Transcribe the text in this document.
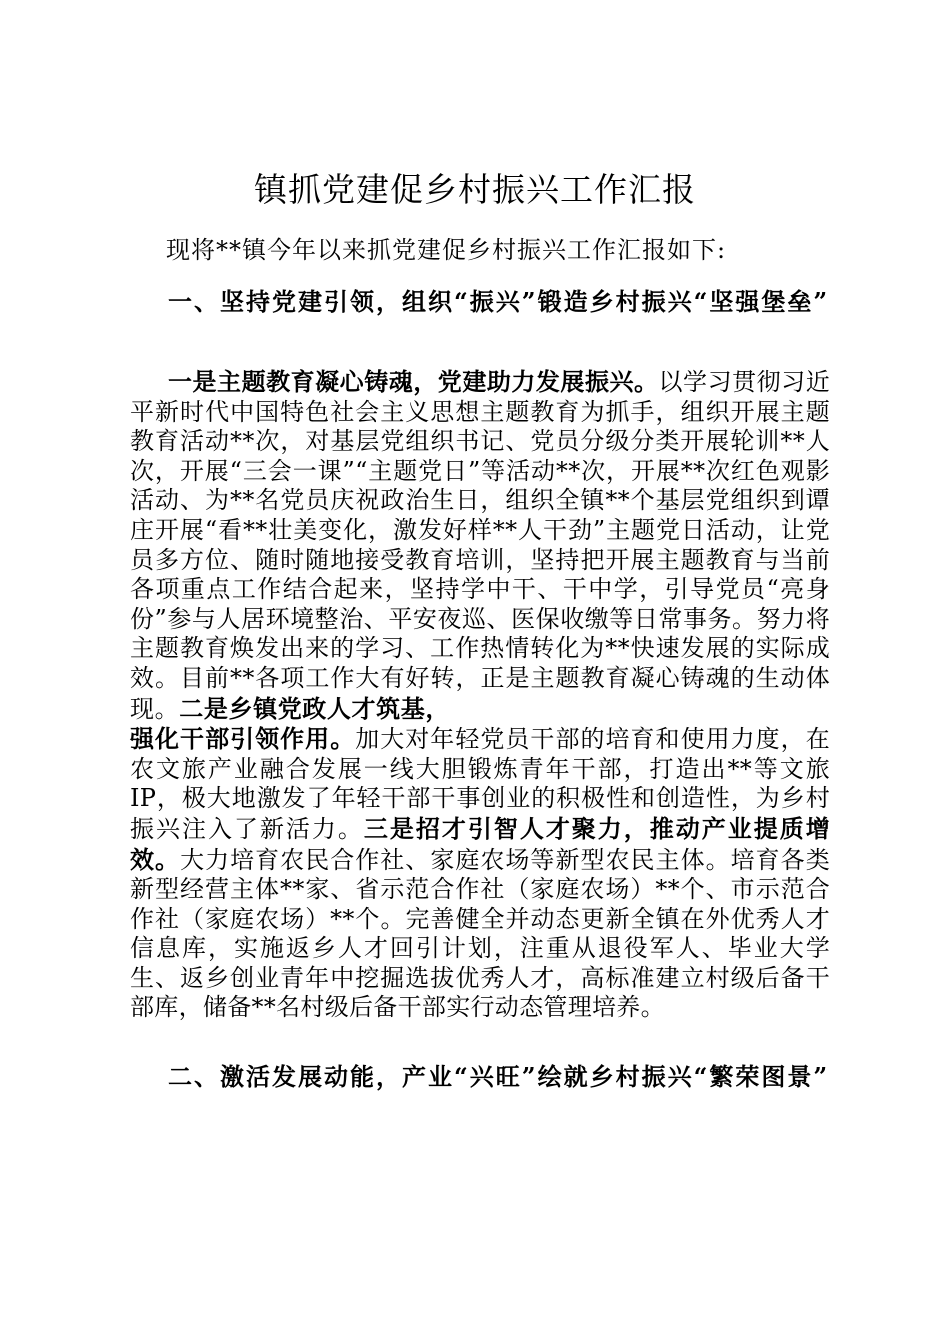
镇抓党建促乡村振兴工作汇报
现将**镇今年以来抓党建促乡村振兴工作汇报如下:
一、坚持党建引领，组织“振兴”锻造乡村振兴“坚强堡垒”
一是主题教育凝心铸魂，党建助力发展振兴。以学习贯彻习近平新时代中国特色社会主义思想主题教育为抓手，组织开展主题教育活动**次，对基层党组织书记、党员分级分类开展轮训**人次，开展“三会一课”“主题党日”等活动**次，开展**次红色观影活动、为**名党员庆祝政治生日，组织全镇**个基层党组织到谭庄开展“看**壮美变化，激发好样**人干劲”主题党日活动，让党员多方位、随时随地接受教育培训，坚持把开展主题教育与当前各项重点工作结合起来，坚持学中干、干中学，引导党员“亮身份”参与人居环境整治、平安夜巡、医保收缴等日常事务。努力将主题教育焕发出来的学习、工作热情转化为**快速发展的实际成效。目前**各项工作大有好转，正是主题教育凝心铸魂的生动体现。二是乡镇党政人才筑基，强化干部引领作用。加大对年轻党员干部的培育和使用力度，在农文旅产业融合发展一线大胆锻炼青年干部，打造出**等文旅IP，极大地激发了年轻干部干事创业的积极性和创造性，为乡村振兴注入了新活力。三是招才引智人才聚力，推动产业提质增效。大力培育农民合作社、家庭农场等新型农民主体。培育各类新型经营主体**家、省示范合作社（家庭农场）**个、市示范合作社（家庭农场）**个。完善健全并动态更新全镇在外优秀人才信息库，实施返乡人才回引计划，注重从退役军人、毕业大学生、返乡创业青年中挖掘选拔优秀人才，高标准建立村级后备干部库，储备**名村级后备干部实行动态管理培养。
二、激活发展动能，产业“兴旺”绘就乡村振兴“繁荣图景”
